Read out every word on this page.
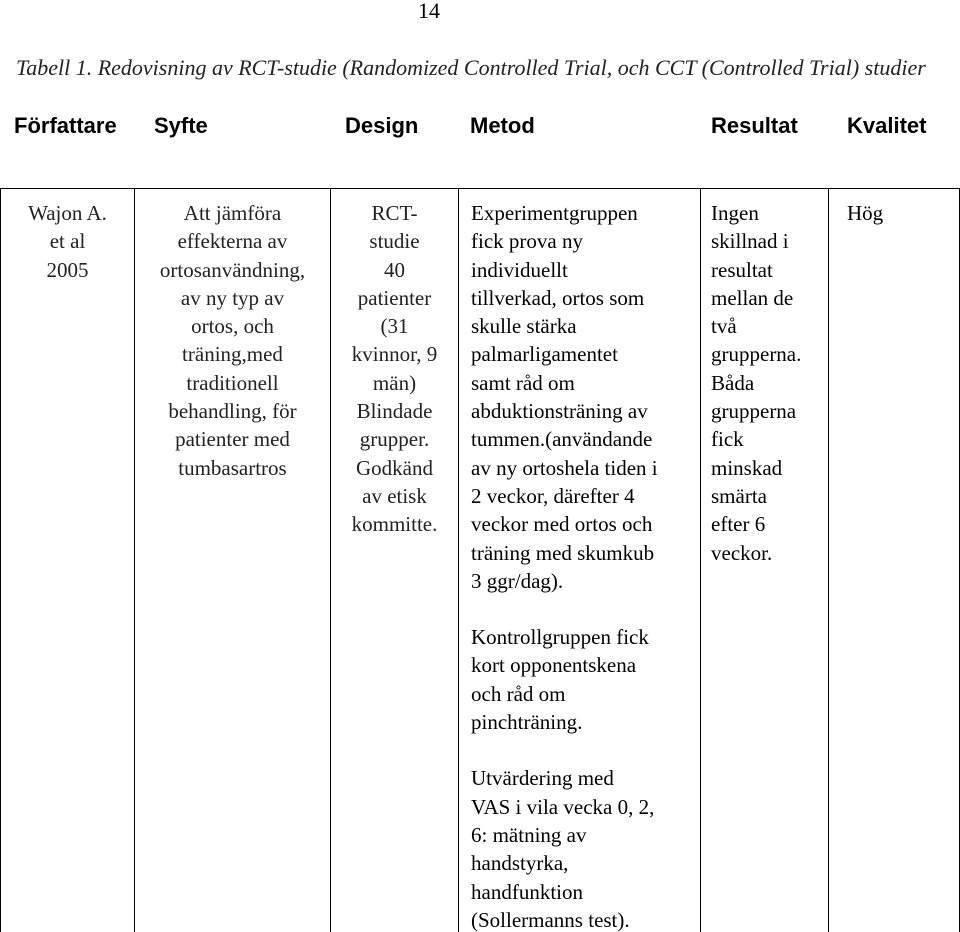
14
Tabell 1. Redovisning av RCT-studie (Randomized Controlled Trial, och CCT (Controlled Trial) studier
Författare Syfte	Design Metod	Resultat Kvalitet

Wajon A.
et al
2005

Att jämföra
effekterna av
ortosanvändning,
av ny typ av
ortos, och
träning,med
traditionell
behandling, för
patienter med
tumbasartros

RCT-
studie
40
patienter
(31
kvinnor, 9
män)
Blindade
grupper.
Godkänd
av etisk
kommitte.

Experimentgruppen
fick prova ny
individuellt
tillverkad, ortos som
skulle stärka
palmarligamentet
samt råd om
abduktionsträning av
tummen.(användande
av ny ortoshela tiden i
2 veckor, därefter 4
veckor med ortos och
träning med skumkub
3 ggr/dag).

Kontrollgruppen fick
kort opponentskena
och råd om
pinchträning.

Utvärdering med
VAS i vila vecka 0, 2,
6: mätning av
handstyrka,
handfunktion
(Sollermanns test).

Ingen
skillnad i
resultat
mellan de
två
grupperna.
Båda
grupperna
fick
minskad
smärta
efter 6
veckor.

Hög
